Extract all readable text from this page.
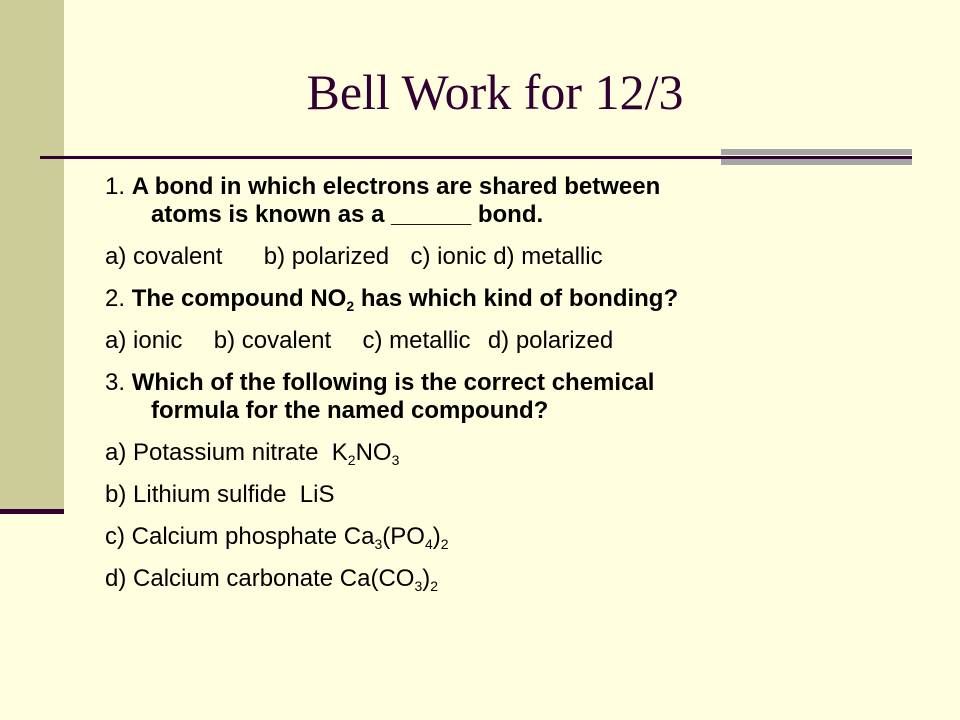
Bell Work for 12/3
1. A bond in which electrons are shared between
atoms is known as a ______ bond.
a) covalent b) polarized c) ionic d) metallic
2. The compound $NO_2$ has which kind of bonding?
a) ionic b) covalent c) metallic d) polarized
3. Which of the following is the correct chemical
formula for the named compound?
a) Potassium nitrate $K_2NO_3$
b) Lithium sulfide LiS
c) Calcium phosphate $Ca_3(PO_4)_2$
d) Calcium carbonate $Ca(CO_3)_2$
